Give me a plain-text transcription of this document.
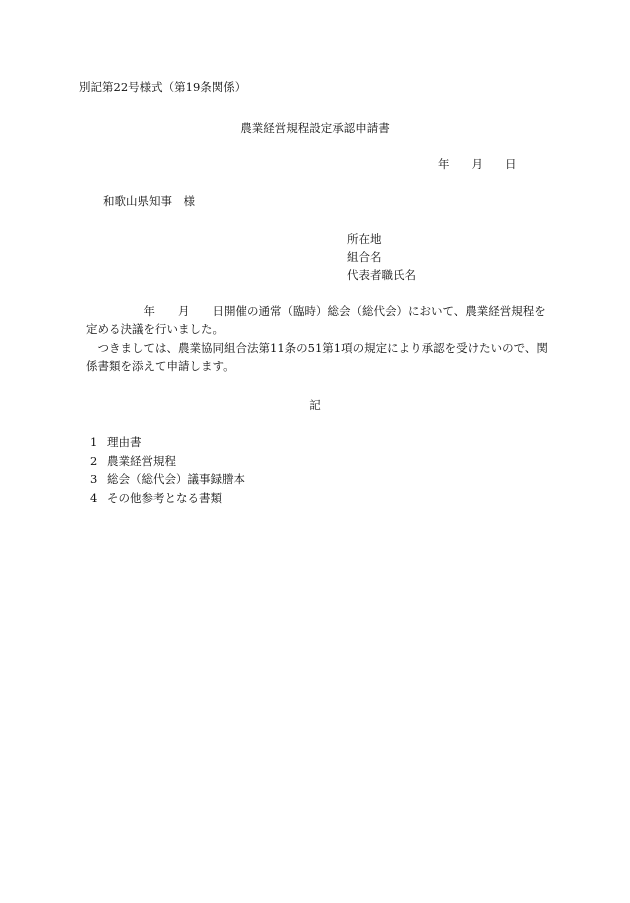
別記第22号様式（第19条関係）
農業経営規程設定承認申請書
年 月 日
和歌山県知事　様
所在地
組合名
代表者職氏名
　　　　　年　　月　　日開催の通常（臨時）総会（総代会）において、農業経営規程を定める決議を行いました。
　つきましては、農業協同組合法第11条の51第1項の規定により承認を受けたいので、関係書類を添えて申請します。
記
1 理由書
2 農業経営規程
3 総会（総代会）議事録謄本
4 その他参考となる書類
